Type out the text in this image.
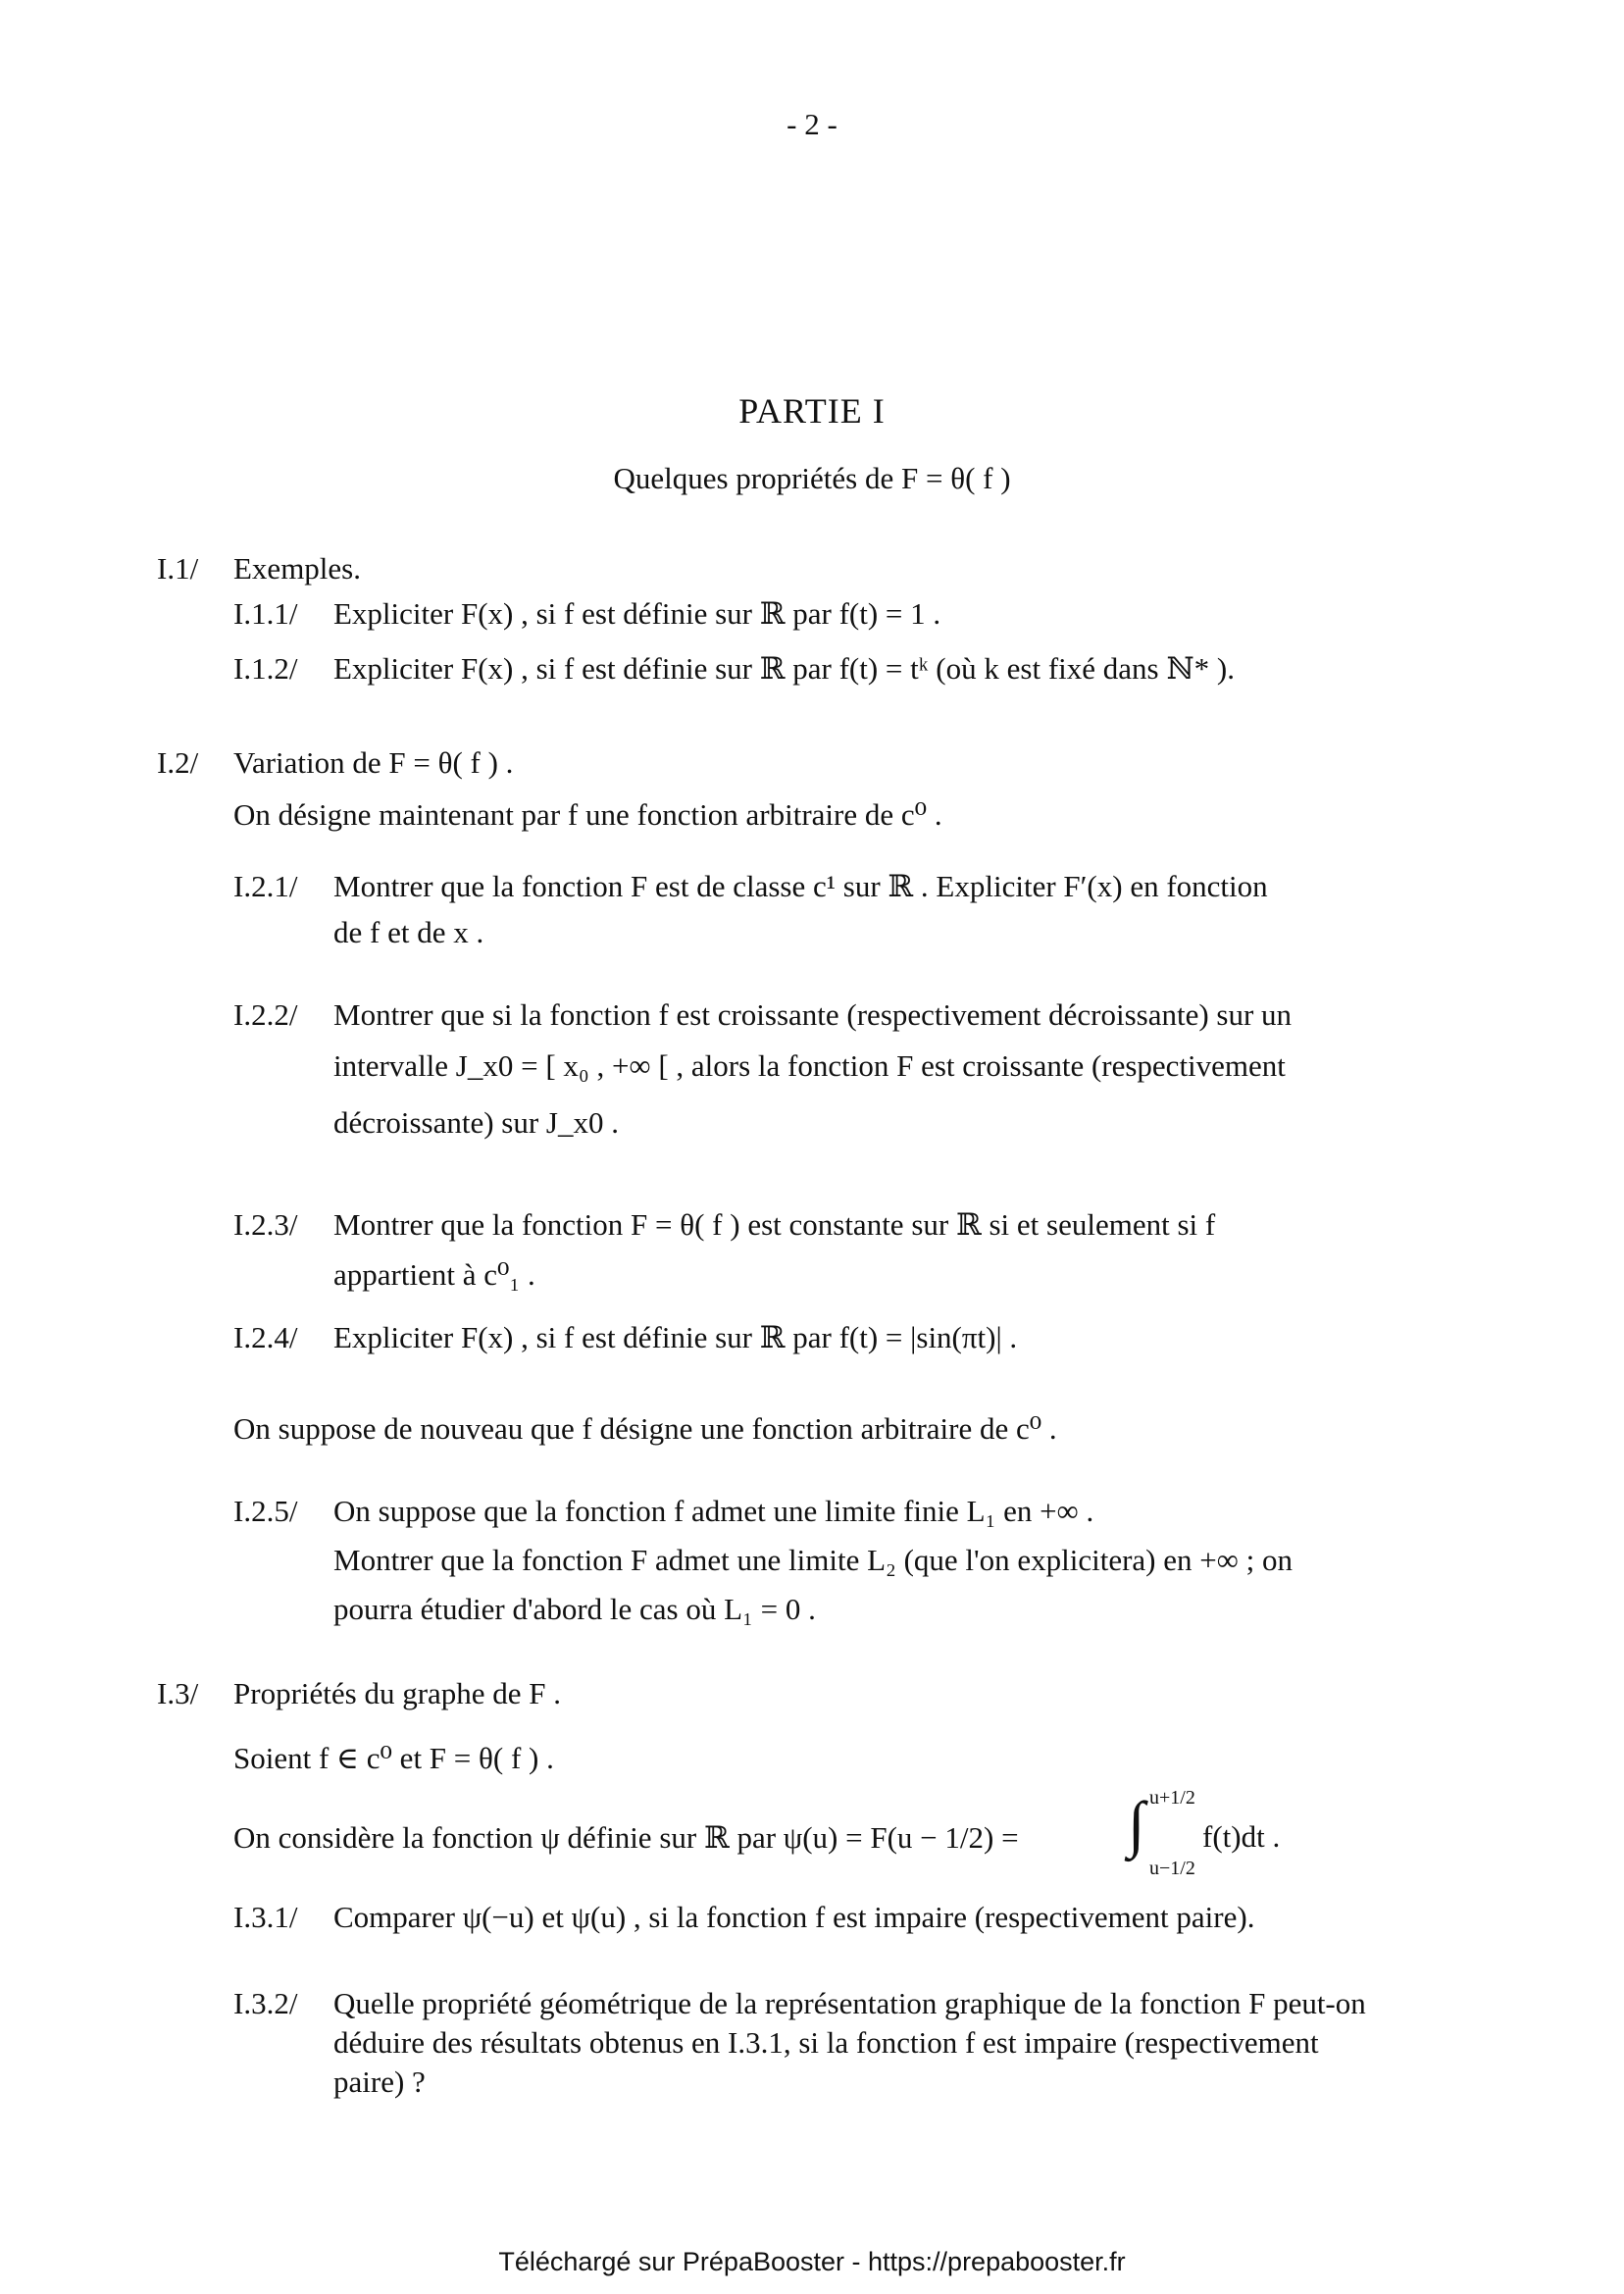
- 2 -
PARTIE I
Quelques propriétés de F = θ( f )
I.1/ Exemples.
I.1.1/ Expliciter F(x) , si f est définie sur ℝ par f(t) = 1 .
I.1.2/ Expliciter F(x) , si f est définie sur ℝ par f(t) = tᵏ (où k est fixé dans ℕ* ).
I.2/ Variation de F = θ( f ) .
On désigne maintenant par f une fonction arbitraire de c⁰ .
I.2.1/ Montrer que la fonction F est de classe c¹ sur ℝ . Expliciter F′(x) en fonction
de f et de x .
I.2.2/ Montrer que si la fonction f est croissante (respectivement décroissante) sur un
intervalle J_x0 = [ x₀ , +∞ [ , alors la fonction F est croissante (respectivement
décroissante) sur J_x0 .
I.2.3/ Montrer que la fonction F = θ( f ) est constante sur ℝ si et seulement si f
appartient à c⁰₁ .
I.2.4/ Expliciter F(x) , si f est définie sur ℝ par f(t) = |sin(πt)| .
On suppose de nouveau que f désigne une fonction arbitraire de c⁰ .
I.2.5/ On suppose que la fonction f admet une limite finie L₁ en +∞ .
Montrer que la fonction F admet une limite L₂ (que l'on explicitera) en +∞ ; on
pourra étudier d'abord le cas où L₁ = 0 .
I.3/ Propriétés du graphe de F .
Soient f ∈ c⁰ et F = θ( f ) .
On considère la fonction ψ définie sur ℝ par ψ(u) = F(u − 1/2) = ∫ u+1/2
u−1/2
f(t)dt .
I.3.1/ Comparer ψ(−u) et ψ(u) , si la fonction f est impaire (respectivement paire).
I.3.2/ Quelle propriété géométrique de la représentation graphique de la fonction F peut-on
déduire des résultats obtenus en I.3.1, si la fonction f est impaire (respectivement
paire) ?
Téléchargé sur PrépaBooster - https://prepabooster.fr
